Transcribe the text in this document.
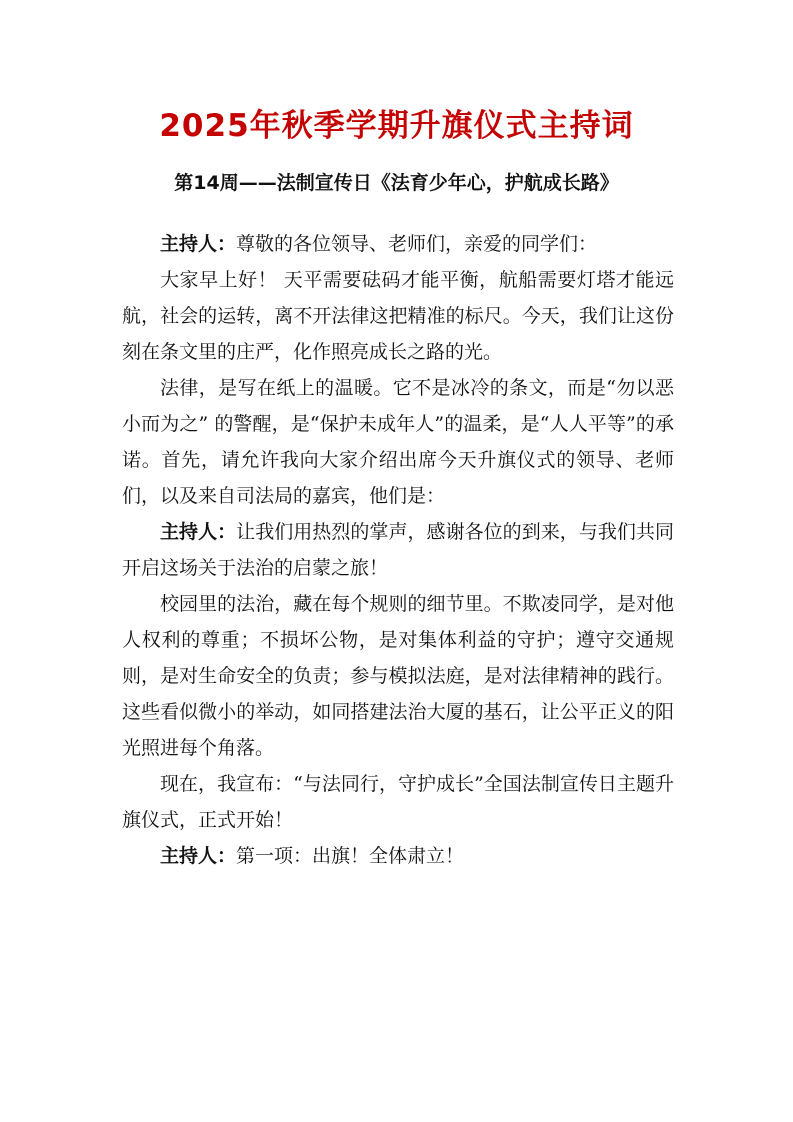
2025年秋季学期升旗仪式主持词
第14周——法制宣传日《法育少年心，护航成长路》

主持人：尊敬的各位领导、老师们，亲爱的同学们：

大家早上好！ 天平需要砝码才能平衡，航船需要灯塔才能远航，社会的运转，离不开法律这把精准的标尺。今天，我们让这份刻在条文里的庄严，化作照亮成长之路的光。

法律，是写在纸上的温暖。它不是冰冷的条文，而是“勿以恶小而为之” 的警醒，是“保护未成年人”的温柔，是“人人平等”的承诺。首先，请允许我向大家介绍出席今天升旗仪式的领导、老师们，以及来自司法局的嘉宾，他们是：

主持人：让我们用热烈的掌声，感谢各位的到来，与我们共同开启这场关于法治的启蒙之旅！

校园里的法治，藏在每个规则的细节里。不欺凌同学，是对他人权利的尊重；不损坏公物，是对集体利益的守护；遵守交通规则，是对生命安全的负责；参与模拟法庭，是对法律精神的践行。这些看似微小的举动，如同搭建法治大厦的基石，让公平正义的阳光照进每个角落。

现在，我宣布：“与法同行，守护成长”全国法制宣传日主题升旗仪式，正式开始！

主持人：第一项：出旗！全体肃立！
